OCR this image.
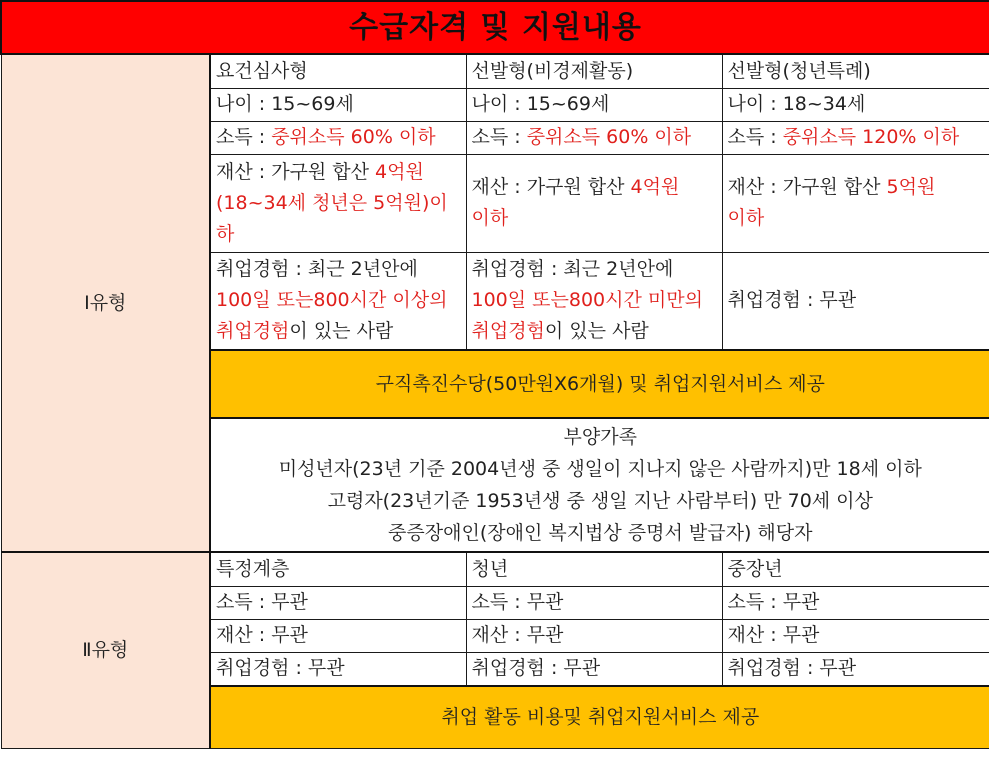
수급자격 및 지원내용			
Ⅰ유형	요건심사형	선발형(비경제활동)	선발형(청년특례)
	나이 : 15~69세	나이 : 15~69세	나이 : 18~34세
	소득 : 중위소득 60% 이하	소득 : 중위소득 60% 이하	소득 : 중위소득 120% 이하
	재산 : 가구원 합산 4억원
(18~34세 청년은 5억원)이
하	재산 : 가구원 합산 4억원
이하	재산 : 가구원 합산 5억원
이하
	취업경험 : 최근 2년안에
100일 또는800시간 이상의
취업경험이 있는 사람	취업경험 : 최근 2년안에
100일 또는800시간 미만의
취업경험이 있는 사람	취업경험 : 무관
	구직촉진수당(50만원X6개월) 및 취업지원서비스 제공		

	부양가족
미성년자(23년 기준 2004년생 중 생일이 지나지 않은 사람까지)만 18세 이하
고령자(23년기준 1953년생 중 생일 지난 사람부터) 만 70세 이상
중증장애인(장애인 복지법상 증명서 발급자) 해당자		

Ⅱ유형	특정계층	청년	중장년
	소득 : 무관	소득 : 무관	소득 : 무관
	재산 : 무관	재산 : 무관	재산 : 무관
	취업경험 : 무관	취업경험 : 무관	취업경험 : 무관
	취업 활동 비용및 취업지원서비스 제공		
